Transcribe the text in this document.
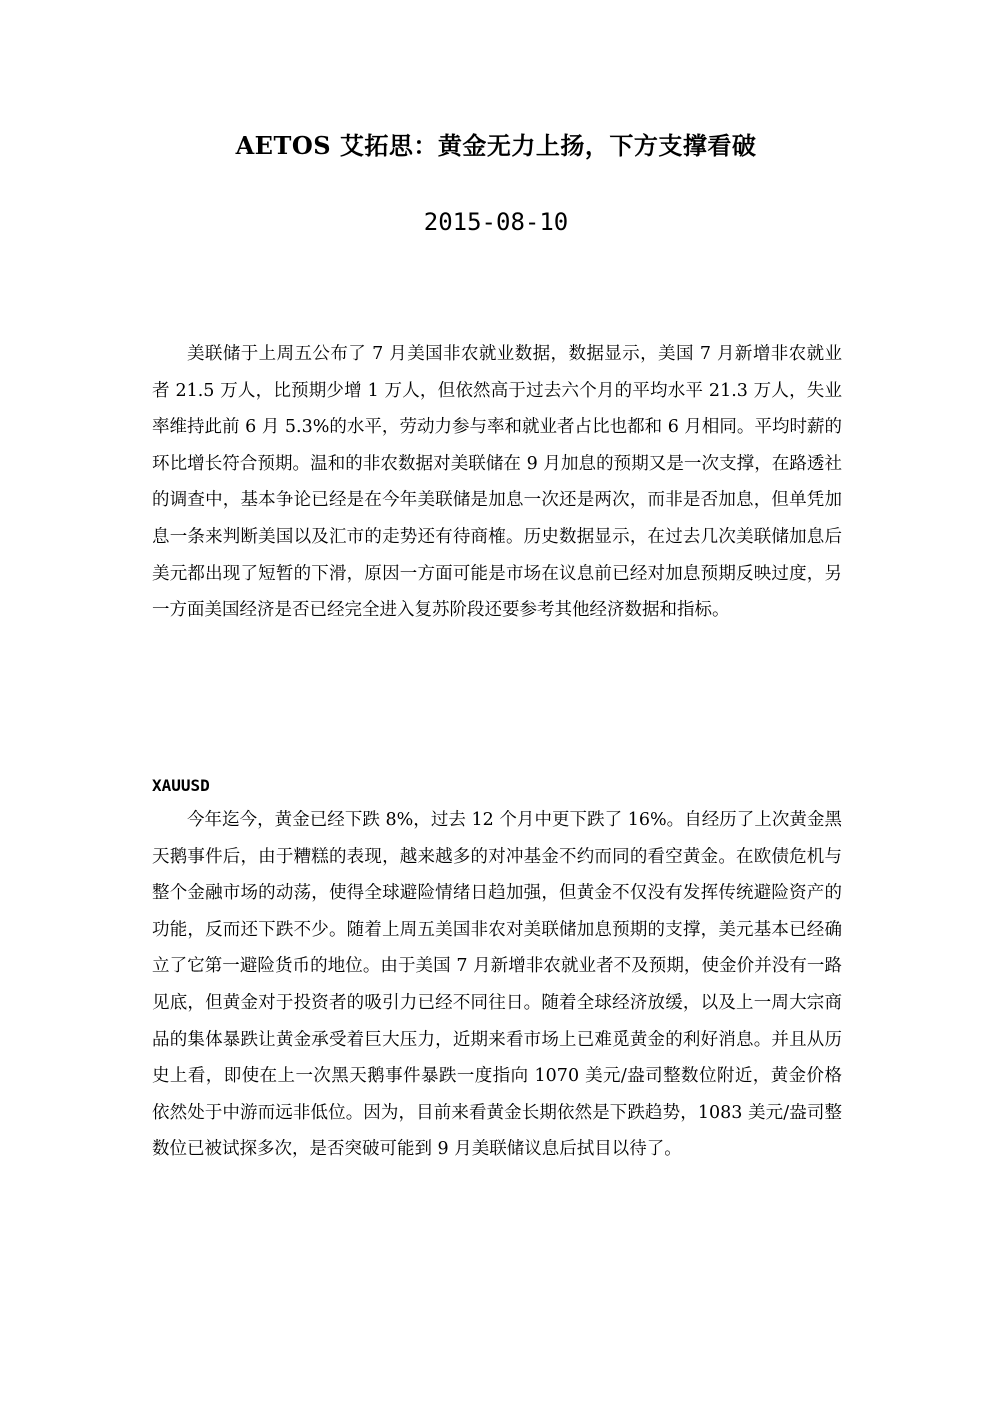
AETOS 艾拓思：黄金无力上扬，下方支撑看破
2015-08-10

美联储于上周五公布了 7 月美国非农就业数据，数据显示，美国 7 月新增非农就业者 21.5 万人，比预期少增 1 万人，但依然高于过去六个月的平均水平 21.3 万人，失业率维持此前 6 月 5.3%的水平，劳动力参与率和就业者占比也都和 6 月相同。平均时薪的环比增长符合预期。温和的非农数据对美联储在 9 月加息的预期又是一次支撑，在路透社的调查中，基本争论已经是在今年美联储是加息一次还是两次，而非是否加息，但单凭加息一条来判断美国以及汇市的走势还有待商榷。历史数据显示，在过去几次美联储加息后美元都出现了短暂的下滑，原因一方面可能是市场在议息前已经对加息预期反映过度，另一方面美国经济是否已经完全进入复苏阶段还要参考其他经济数据和指标。

XAUUSD

今年迄今，黄金已经下跌 8%，过去 12 个月中更下跌了 16%。自经历了上次黄金黑天鹅事件后，由于糟糕的表现，越来越多的对冲基金不约而同的看空黄金。在欧债危机与整个金融市场的动荡，使得全球避险情绪日趋加强，但黄金不仅没有发挥传统避险资产的功能，反而还下跌不少。随着上周五美国非农对美联储加息预期的支撑，美元基本已经确立了它第一避险货币的地位。由于美国 7 月新增非农就业者不及预期，使金价并没有一路见底，但黄金对于投资者的吸引力已经不同往日。随着全球经济放缓，以及上一周大宗商品的集体暴跌让黄金承受着巨大压力，近期来看市场上已难觅黄金的利好消息。并且从历史上看，即使在上一次黑天鹅事件暴跌一度指向 1070 美元/盎司整数位附近，黄金价格依然处于中游而远非低位。因为，目前来看黄金长期依然是下跌趋势，1083 美元/盎司整数位已被试探多次，是否突破可能到 9 月美联储议息后拭目以待了。
